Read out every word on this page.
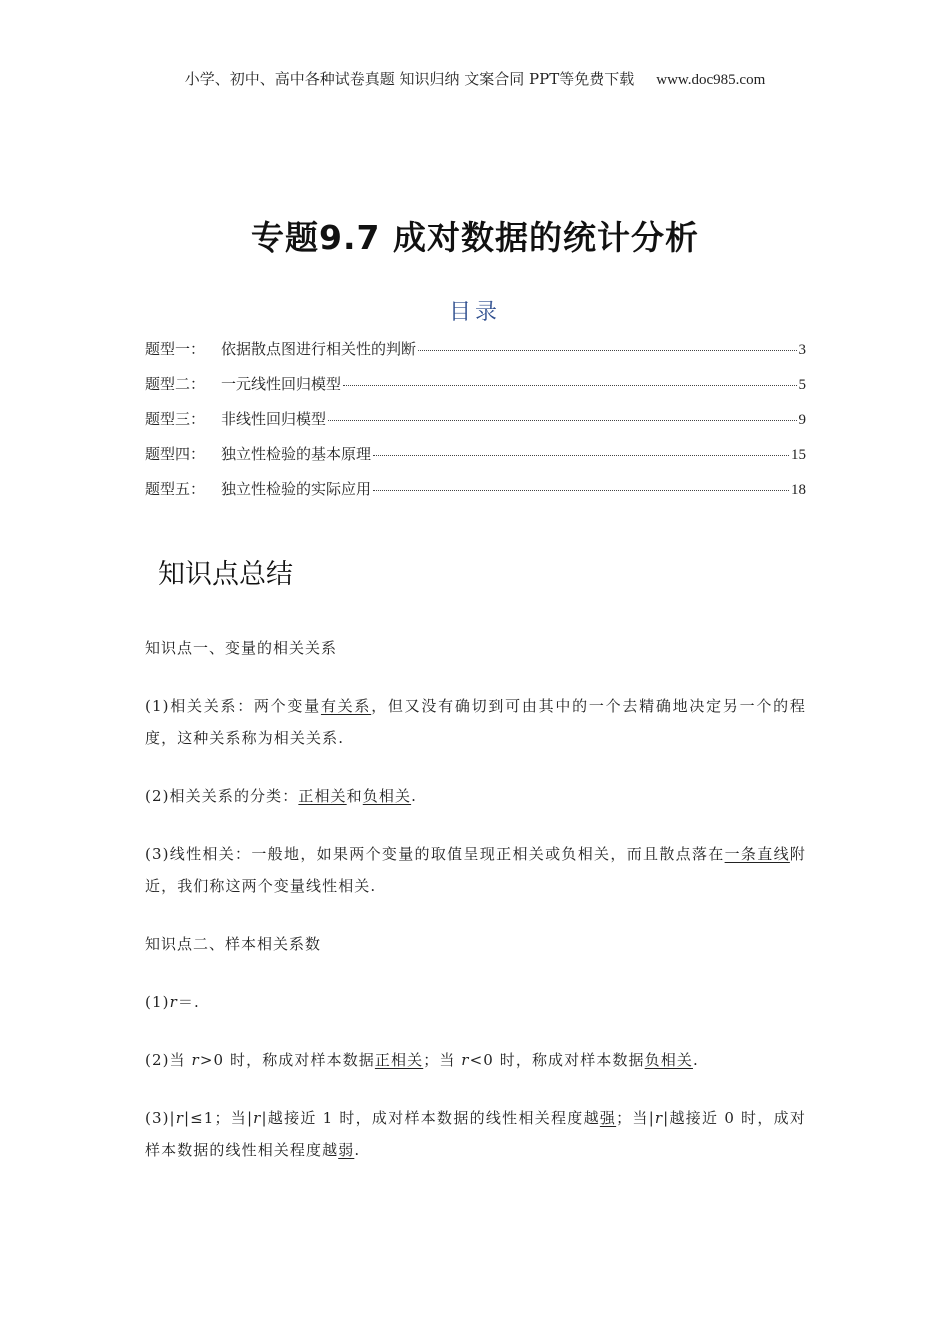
小学、初中、高中各种试卷真题 知识归纳 文案合同 PPT等免费下载 www.doc985.com
专题9.7 成对数据的统计分析
目录
题型一：	依据散点图进行相关性的判断	3
题型二：	一元线性回归模型	5
题型三：	非线性回归模型	9
题型四：	独立性检验的基本原理	15
题型五：	独立性检验的实际应用	18
知识点总结

知识点一、变量的相关关系

(1)相关关系：两个变量有关系，但又没有确切到可由其中的一个去精确地决定另一个的程度，这种关系称为相关关系.

(2)相关关系的分类：正相关和负相关.

(3)线性相关：一般地，如果两个变量的取值呈现正相关或负相关，而且散点落在一条直线附近，我们称这两个变量线性相关.

知识点二、样本相关系数

(1)r＝.

(2)当 r>0 时，称成对样本数据正相关；当 r<0 时，称成对样本数据负相关.

(3)|r|≤1；当|r|越接近 1 时，成对样本数据的线性相关程度越强；当|r|越接近 0 时，成对样本数据的线性相关程度越弱.
